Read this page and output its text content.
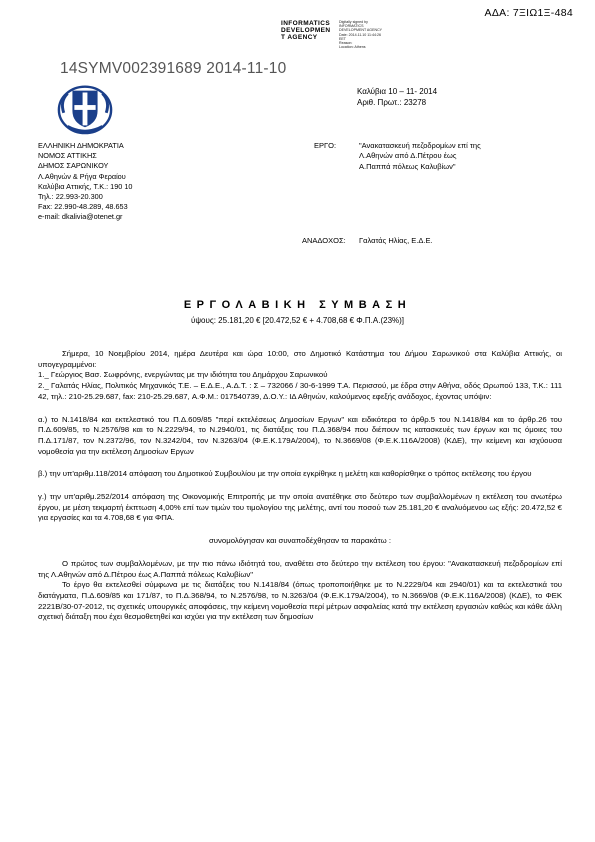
ΑΔΑ: 7ΞΙΩ1Ξ-484
INFORMATICS
DEVELOPMEN
T AGENCY
Digitally signed by
INFORMATICS
DEVELOPMENT AGENCY
Date: 2014.11.10 11:44:26
EET
Reason:
Location: Athens
14SYMV002391689 2014-11-10
Καλύβια 10 – 11- 2014
Αριθ. Πρωτ.: 23278
ΕΛΛΗΝΙΚΗ ΔΗΜΟΚΡΑΤΙΑ
ΝΟΜΟΣ ΑΤΤΙΚΗΣ
ΔΗΜΟΣ ΣΑΡΩΝΙΚΟΥ
Λ.Αθηνών & Ρήγα Φεραίου
Καλύβια Αττικής, Τ.Κ.: 190 10
Τηλ.: 22.993-20.300
Fax: 22.990-48.289, 48.653
e-mail: dkalivia@otenet.gr
ΕΡΓΟ:	"Ανακατασκευή πεζοδρομίων επί της
Λ.Αθηνών από Δ.Πέτρου έως
Α.Παππά πόλεως Καλυβίων"
ΑΝΑΔΟΧΟΣ: Γαλατάς Ηλίας, Ε.Δ.Ε.
ΕΡΓΟΛΑΒΙΚΗ ΣΥΜΒΑΣΗ
ύψους: 25.181,20 € [20.472,52 € + 4.708,68 € Φ.Π.Α.(23%)]

Σήμερα, 10 Νοεμβρίου 2014, ημέρα Δευτέρα και ώρα 10:00, στο Δημοτικό Κατάστημα του Δήμου Σαρωνικού στα Καλύβια Αττικής, οι υπογεγραμμένοι:

1._ Γεώργιος Βασ. Σωφρόνης, ενεργώντας με την ιδιότητα του Δημάρχου Σαρωνικού

2._ Γαλατάς Ηλίας, Πολιτικός Μηχανικός Τ.Ε. – Ε.Δ.Ε., Α.Δ.Τ. : Σ – 732066 / 30-6-1999 Τ.Α. Περισσού, με έδρα στην Αθήνα, οδός Ωρωπού 133, Τ.Κ.: 111 42, τηλ.: 210-25.29.687, fax: 210-25.29.687, Α.Φ.Μ.: 017540739, Δ.Ο.Υ.: ΙΔ Αθηνών, καλούμενος εφεξής ανάδοχος, έχοντας υπόψιν:

α.) το Ν.1418/84 και εκτελεστικό του Π.Δ.609/85 "περί εκτελέσεως Δημοσίων Εργων" και ειδικότερα το άρθρ.5 του Ν.1418/84 και το άρθρ.26 του Π.Δ.609/85, το Ν.2576/98 και το Ν.2229/94, το Ν.2940/01, τις διατάξεις του Π.Δ.368/94 που διέπουν τις κατασκευές των έργων και τις όμοιες του Π.Δ.171/87, τον Ν.2372/96, τον Ν.3242/04, τον Ν.3263/04 (Φ.Ε.Κ.179Α/2004), το Ν.3669/08 (Φ.Ε.Κ.116Α/2008) (ΚΔΕ), την κείμενη και ισχύουσα νομοθεσία για την εκτέλεση Δημοσίων Εργων

β.) την υπ'αριθμ.118/2014 απόφαση του Δημοτικού Συμβουλίου με την οποία εγκρίθηκε η μελέτη και καθορίσθηκε ο τρόπος εκτέλεσης του έργου

γ.) την υπ'αριθμ.252/2014 απόφαση της Οικονομικής Επιτροπής με την οποία ανατέθηκε στο δεύτερο των συμβαλλομένων η εκτέλεση του ανωτέρω έργου, με μέση τεκμαρτή έκπτωση 4,00% επί των τιμών του τιμολογίου της μελέτης, αντί του ποσού των 25.181,20 € αναλυόμενου ως εξής: 20.472,52 € για εργασίες και τα 4.708,68 € για ΦΠΑ.

συνομολόγησαν και συναποδέχθησαν τα παρακάτω :

Ο πρώτος των συμβαλλομένων, με την πιο πάνω ιδιότητά του, αναθέτει στο δεύτερο την εκτέλεση του έργου: "Ανακατασκευή πεζοδρομίων επί της Λ.Αθηνών από Δ.Πέτρου έως Α.Παππά πόλεως Καλυβίων"

Το έργο θα εκτελεσθεί σύμφωνα με τις διατάξεις του Ν.1418/84 (όπως τροποποιήθηκε με το Ν.2229/04 και 2940/01) και τα εκτελεστικά του διατάγματα, Π.Δ.609/85 και 171/87, το Π.Δ.368/94, το Ν.2576/98, το Ν.3263/04 (Φ.Ε.Κ.179Α/2004), το Ν.3669/08 (Φ.Ε.Κ.116Α/2008) (ΚΔΕ), το ΦΕΚ 2221Β/30-07-2012, τις σχετικές υπουργικές αποφάσεις, την κείμενη νομοθεσία περί μέτρων ασφαλείας κατά την εκτέλεση εργασιών καθώς και κάθε άλλη σχετική διάταξη που έχει θεσμοθετηθεί και ισχύει για την εκτέλεση των δημοσίων
